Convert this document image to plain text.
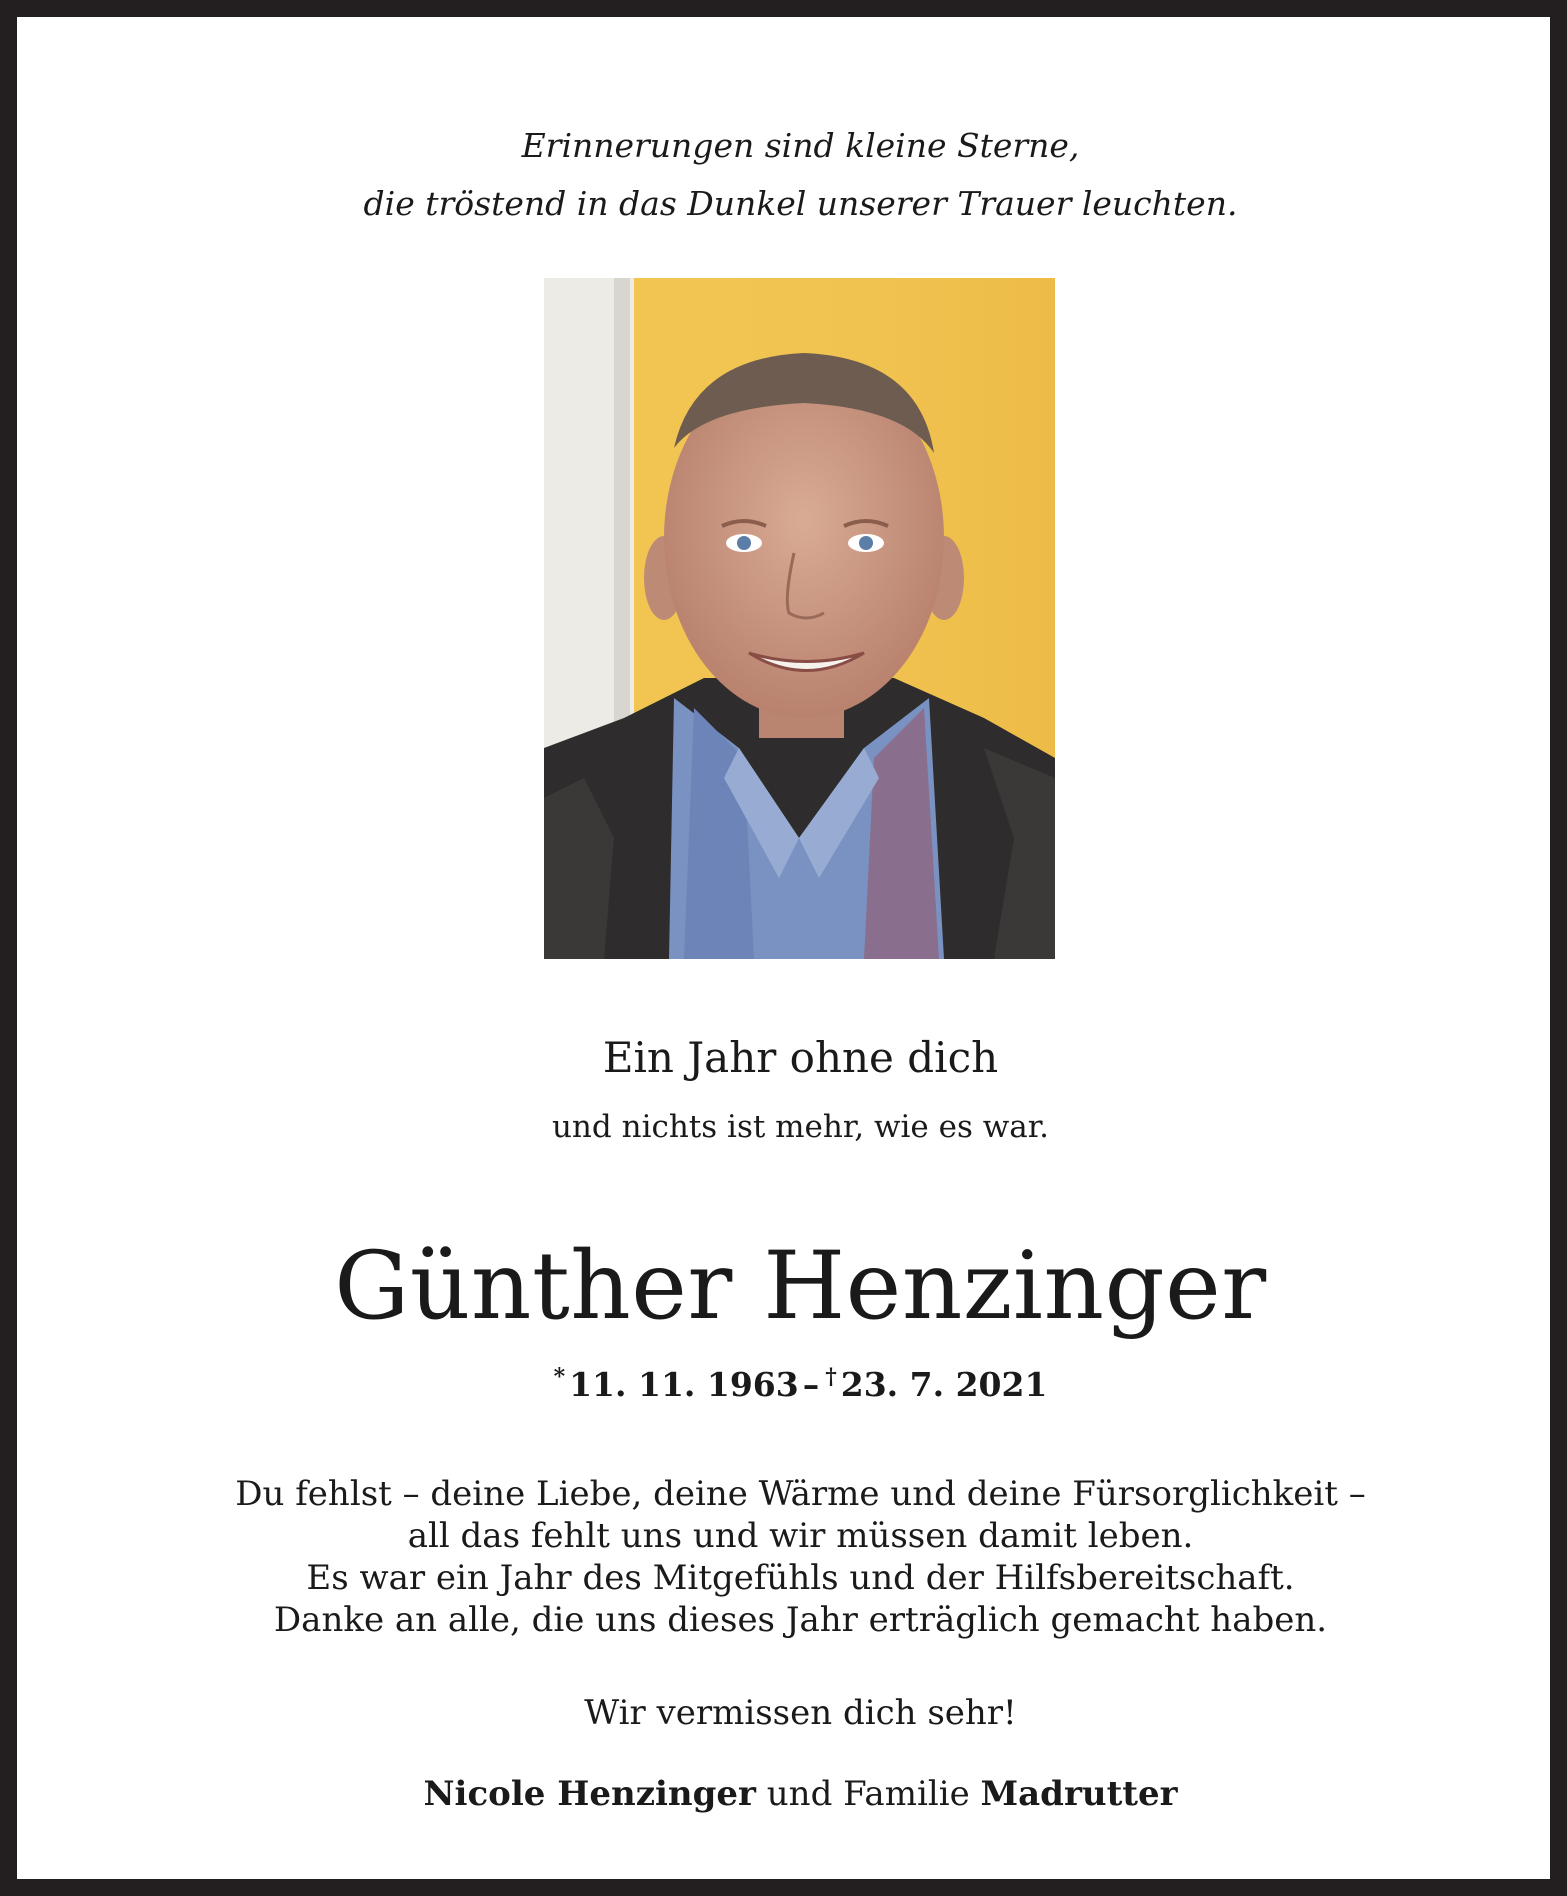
Erinnerungen sind kleine Sterne,
die tröstend in das Dunkel unserer Trauer leuchten.
Ein Jahr ohne dich
und nichts ist mehr, wie es war.
Günther Henzinger
* 11. 11. 1963 – † 23. 7. 2021
Du fehlst – deine Liebe, deine Wärme und deine Fürsorglichkeit –
all das fehlt uns und wir müssen damit leben.
Es war ein Jahr des Mitgefühls und der Hilfsbereitschaft.
Danke an alle, die uns dieses Jahr erträglich gemacht haben.
Wir vermissen dich sehr!
Nicole Henzinger und Familie Madrutter
